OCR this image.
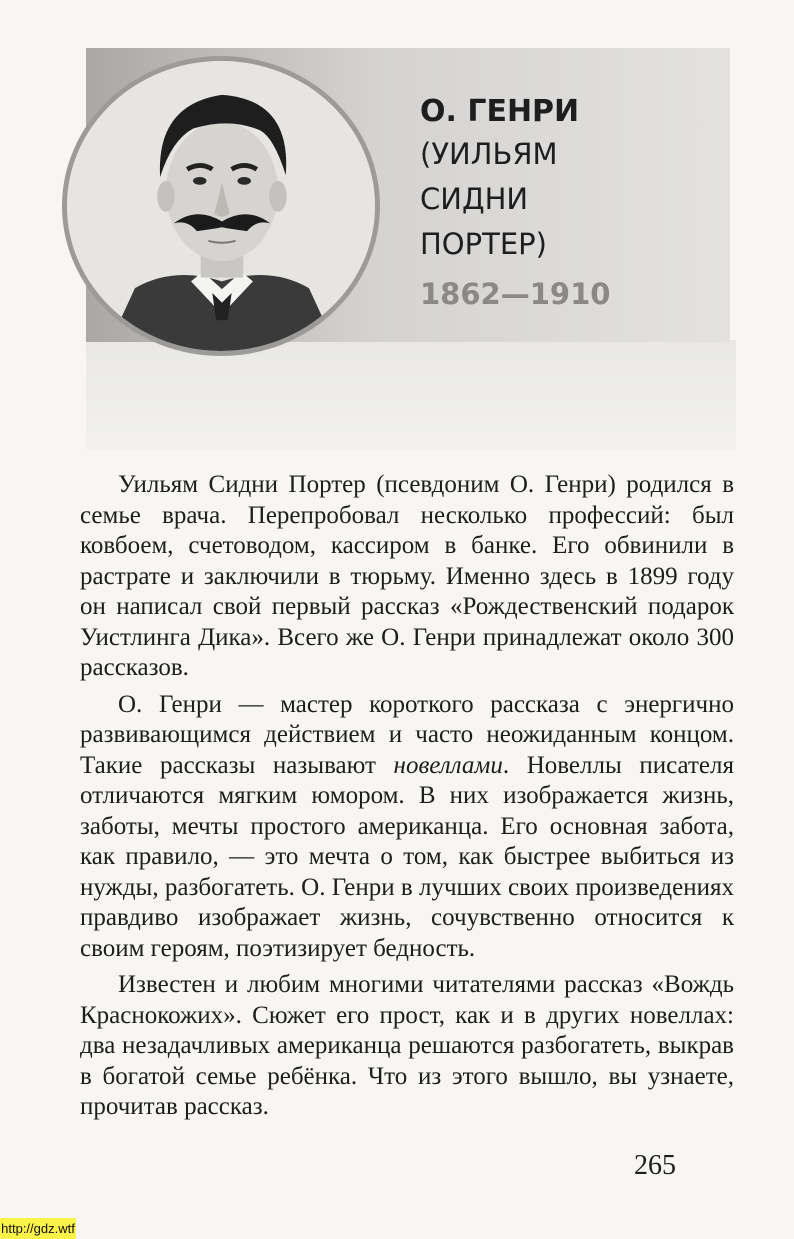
О. ГЕНРИ
(УИЛЬЯМ
СИДНИ
ПОРТЕР)
1862—1910

Уильям Сидни Портер (псевдоним О. Генри) родился в семье врача. Перепробовал несколько профессий: был ковбоем, счетоводом, кассиром в банке. Его обвинили в растрате и заключили в тюрьму. Именно здесь в 1899 году он написал свой первый рассказ «Рождественский подарок Уистлинга Дика». Всего же О. Генри принадлежат около 300 рассказов.

О. Генри — мастер короткого рассказа с энергично развивающимся действием и часто неожиданным концом. Такие рассказы называют новеллами. Новеллы писателя отличаются мягким юмором. В них изображается жизнь, заботы, мечты простого американца. Его основная забота, как правило, — это мечта о том, как быстрее выбиться из нужды, разбогатеть. О. Генри в лучших своих произведениях правдиво изображает жизнь, сочувственно относится к своим героям, поэтизирует бедность.

Известен и любим многими читателями рассказ «Вождь Краснокожих». Сюжет его прост, как и в других новеллах: два незадачливых американца решаются разбогатеть, выкрав в богатой семье ребёнка. Что из этого вышло, вы узнаете, прочитав рассказ.

265
http://gdz.wtf
